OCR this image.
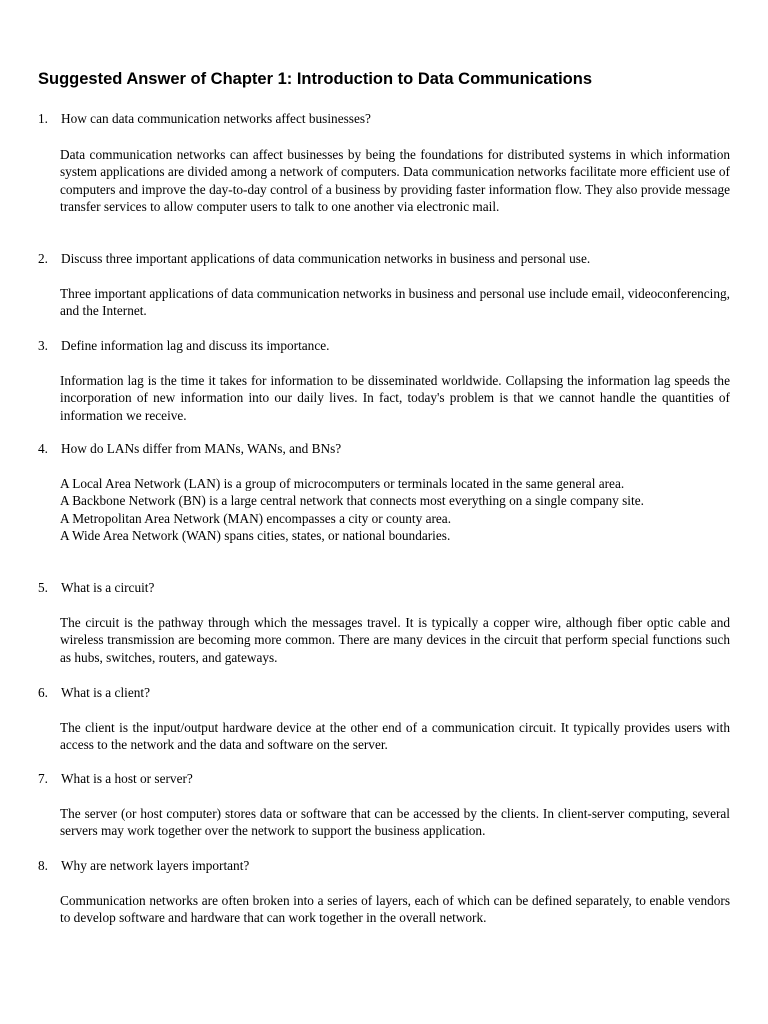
Suggested Answer of Chapter 1: Introduction to Data Communications
1. How can data communication networks affect businesses?

Data communication networks can affect businesses by being the foundations for distributed systems in which information system applications are divided among a network of computers. Data communication networks facilitate more efficient use of computers and improve the day-to-day control of a business by providing faster information flow. They also provide message transfer services to allow computer users to talk to one another via electronic mail.

2. Discuss three important applications of data communication networks in business and personal use.

Three important applications of data communication networks in business and personal use include email, videoconferencing, and the Internet.

3. Define information lag and discuss its importance.

Information lag is the time it takes for information to be disseminated worldwide. Collapsing the information lag speeds the incorporation of new information into our daily lives. In fact, today's problem is that we cannot handle the quantities of information we receive.

4. How do LANs differ from MANs, WANs, and BNs?
A Local Area Network (LAN) is a group of microcomputers or terminals located in the same general area.
A Backbone Network (BN) is a large central network that connects most everything on a single company site.
A Metropolitan Area Network (MAN) encompasses a city or county area.
A Wide Area Network (WAN) spans cities, states, or national boundaries.
5. What is a circuit?

The circuit is the pathway through which the messages travel. It is typically a copper wire, although fiber optic cable and wireless transmission are becoming more common. There are many devices in the circuit that perform special functions such as hubs, switches, routers, and gateways.

6. What is a client?

The client is the input/output hardware device at the other end of a communication circuit. It typically provides users with access to the network and the data and software on the server.

7. What is a host or server?

The server (or host computer) stores data or software that can be accessed by the clients. In client-server computing, several servers may work together over the network to support the business application.

8. Why are network layers important?

Communication networks are often broken into a series of layers, each of which can be defined separately, to enable vendors to develop software and hardware that can work together in the overall network.
